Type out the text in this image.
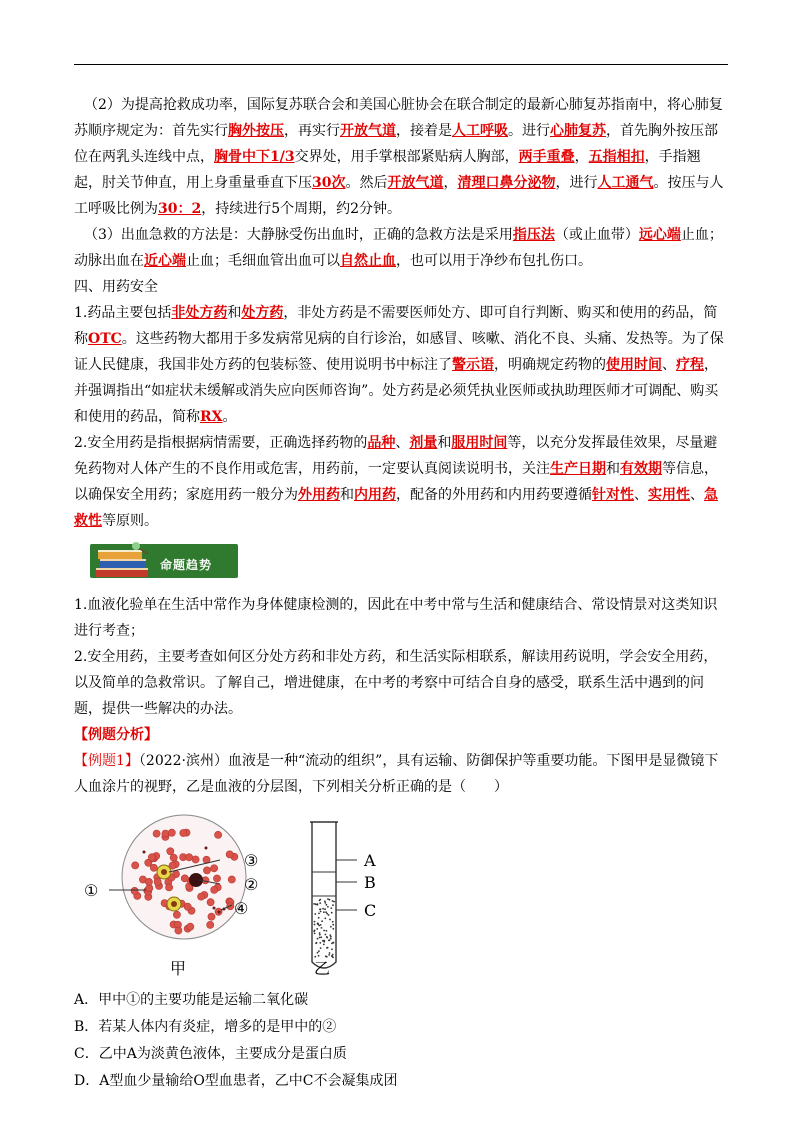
（2）为提高抢救成功率，国际复苏联合会和美国心脏协会在联合制定的最新心肺复苏指南中，将心肺复苏顺序规定为：首先实行胸外按压，再实行开放气道，接着是人工呼吸。进行心肺复苏，首先胸外按压部位在两乳头连线中点，胸骨中下1/3交界处，用手掌根部紧贴病人胸部，两手重叠，五指相扣，手指翘起，肘关节伸直，用上身重量垂直下压30次。然后开放气道，清理口鼻分泌物，进行人工通气。按压与人工呼吸比例为30：2，持续进行5个周期，约2分钟。

（3）出血急救的方法是：大静脉受伤出血时，正确的急救方法是采用指压法（或止血带）远心端止血；动脉出血在近心端止血；毛细血管出血可以自然止血，也可以用于净纱布包扎伤口。

四、用药安全

1.药品主要包括非处方药和处方药，非处方药是不需要医师处方、即可自行判断、购买和使用的药品，简称OTC。这些药物大都用于多发病常见病的自行诊治，如感冒、咳嗽、消化不良、头痛、发热等。为了保证人民健康，我国非处方药的包装标签、使用说明书中标注了警示语，明确规定药物的使用时间、疗程，并强调指出“如症状未缓解或消失应向医师咨询”。处方药是必须凭执业医师或执助理医师才可调配、购买和使用的药品，简称RX。

2.安全用药是指根据病情需要，正确选择药物的品种、剂量和服用时间等，以充分发挥最佳效果，尽量避免药物对人体产生的不良作用或危害，用药前，一定要认真阅读说明书，关注生产日期和有效期等信息，以确保安全用药；家庭用药一般分为外用药和内用药，配备的外用药和内用药要遵循针对性、实用性、急救性等原则。

命题趋势

1.血液化验单在生活中常作为身体健康检测的，因此在中考中常与生活和健康结合、常设情景对这类知识进行考查；

2.安全用药，主要考查如何区分处方药和非处方药，和生活实际相联系，解读用药说明，学会安全用药，以及简单的急救常识。了解自己，增进健康，在中考的考察中可结合自身的感受，联系生活中遇到的问题，提供一些解决的办法。

【例题分析】

【例题1】（2022·滨州）血液是一种“流动的组织”，具有运输、防御保护等重要功能。下图甲是显微镜下人血涂片的视野，乙是血液的分层图，下列相关分析正确的是（　　）

①
③
②
④
甲
A
B
C
乙

A．甲中①的主要功能是运输二氧化碳

B．若某人体内有炎症，增多的是甲中的②

C．乙中A为淡黄色液体，主要成分是蛋白质

D．A型血少量输给O型血患者，乙中C不会凝集成团
